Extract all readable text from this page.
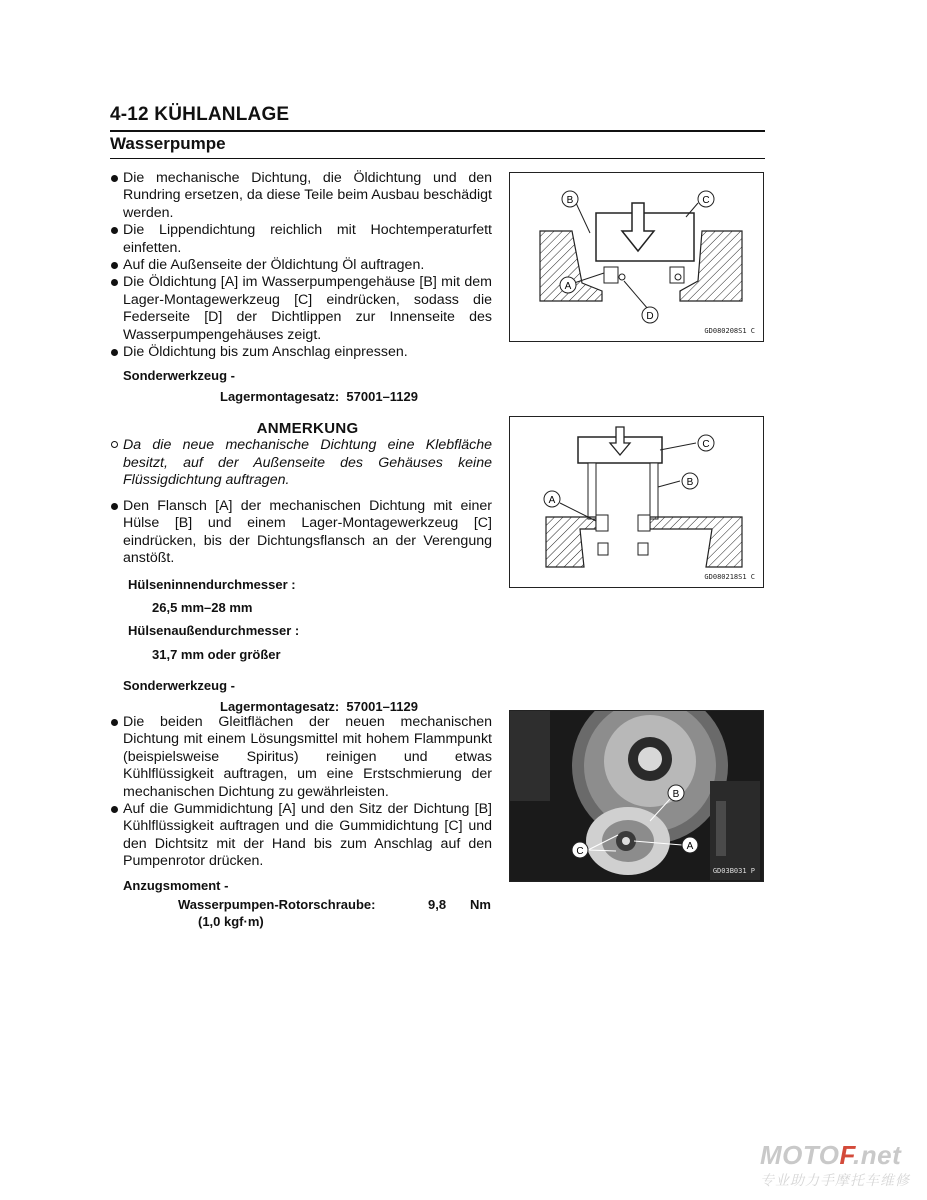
4-12 KÜHLANLAGE
Wasserpumpe
Die mechanische Dichtung, die Öldichtung und den Rundring ersetzen, da diese Teile beim Ausbau beschädigt werden.
Die Lippendichtung reichlich mit Hochtemperaturfett einfetten.
Auf die Außenseite der Öldichtung Öl auftragen.
Die Öldichtung [A] im Wasserpumpengehäuse [B] mit dem Lager-Montagewerkzeug [C] eindrücken, sodass die Federseite [D] der Dichtlippen zur Innenseite des Wasserpumpengehäuses zeigt.
Die Öldichtung bis zum Anschlag einpressen.
Sonderwerkzeug -
Lagermontagesatz:  57001–1129
ANMERKUNG
Da die neue mechanische Dichtung eine Klebfläche besitzt, auf der Außenseite des Gehäuses keine Flüssigdichtung auftragen.
Den Flansch [A] der mechanischen Dichtung mit einer Hülse [B] und einem Lager-Montagewerkzeug [C] eindrücken, bis der Dichtungsflansch an der Verengung anstößt.
Hülseninnendurchmesser :
26,5 mm–28 mm
Hülsenaußendurchmesser :
31,7 mm oder größer
Sonderwerkzeug -
Lagermontagesatz:  57001–1129
Die beiden Gleitflächen der neuen mechanischen Dichtung mit einem Lösungsmittel mit hohem Flammpunkt (beispielsweise Spiritus) reinigen und etwas Kühlflüssigkeit auftragen, um eine Erstschmierung der mechanischen Dichtung zu gewährleisten.
Auf die Gummidichtung [A] und den Sitz der Dichtung [B] Kühlflüssigkeit auftragen und die Gummidichtung [C] und den Dichtsitz mit der Hand bis zum Anschlag auf den Pumpenrotor drücken.
Anzugsmoment -
Wasserpumpen-Rotorschraube:	9,8 Nm
(1,0 kgf·m)
B	C
A
D
GD080208S1 C
C
B
A
GD080218S1 C
B
C	A
GD03B031 P
MOTOF.net
专业助力手摩托车维修
